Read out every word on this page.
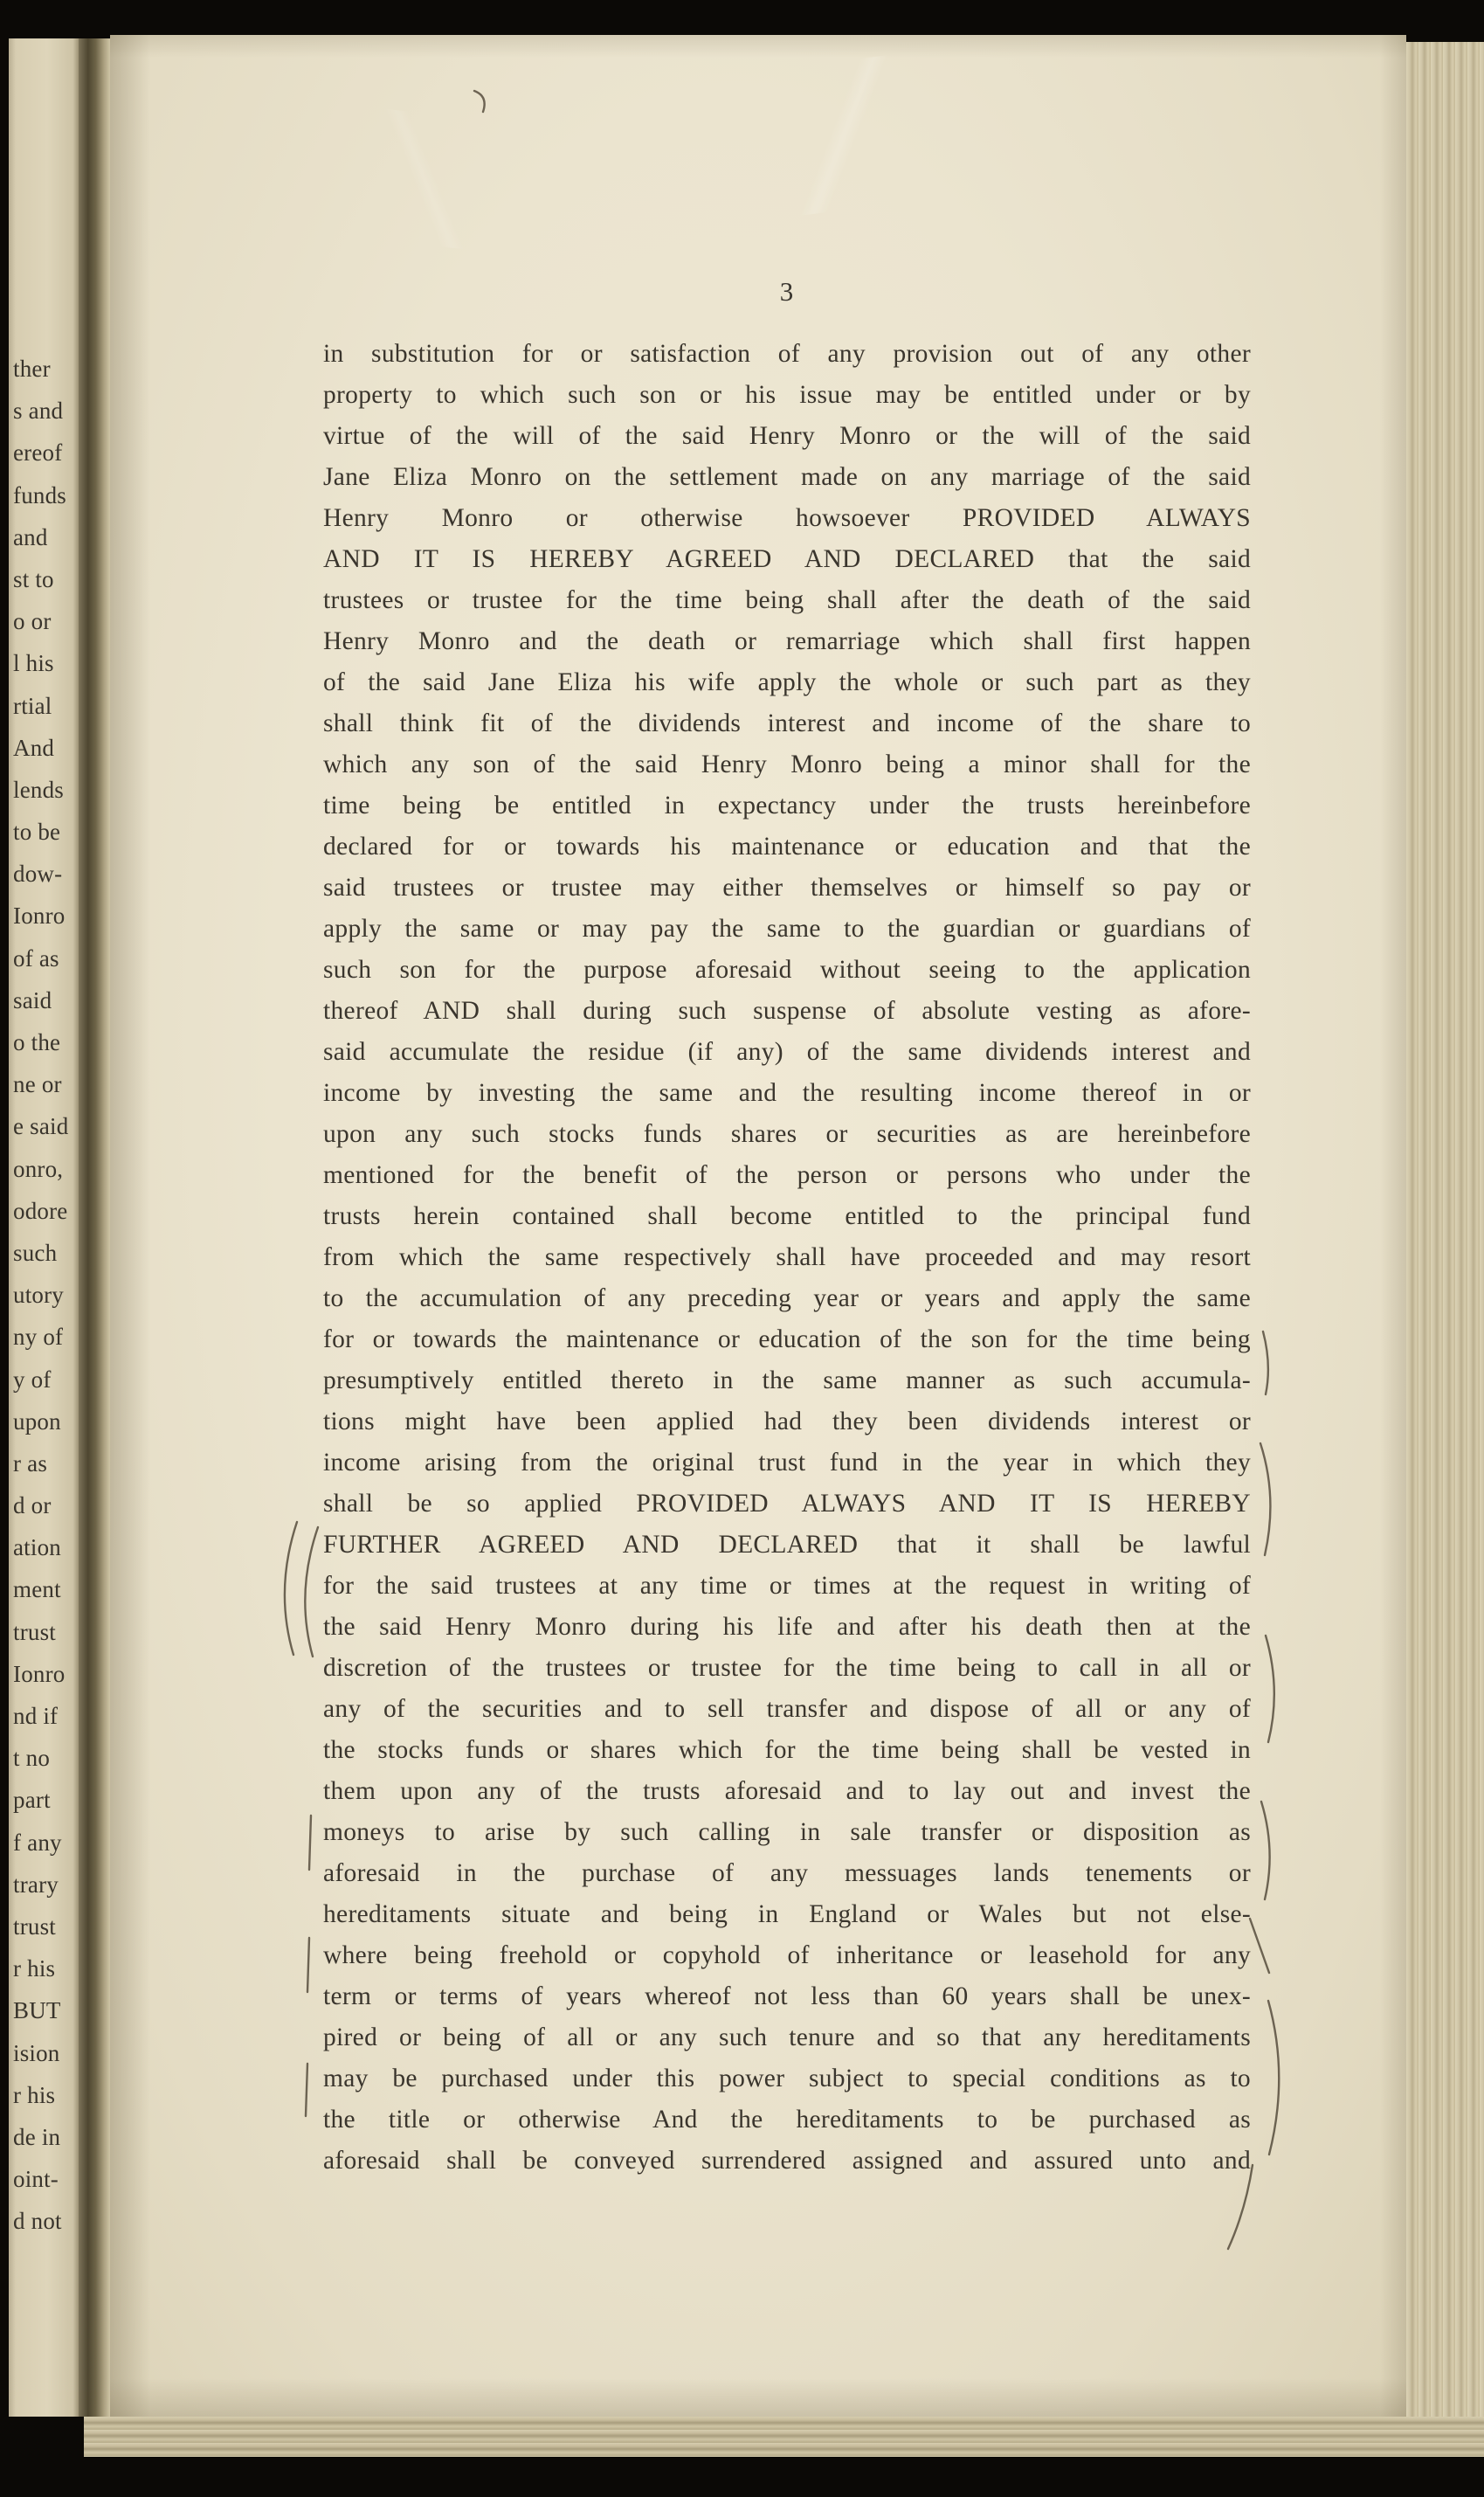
ther
s and
ereof
funds
and
st to
o or
l his
rtial
And
lends
to be
dow-
Ionro
of as
said
o the
ne or
e said
onro,
odore
such
utory
ny of
y of
upon
r as
d or
ation
ment
trust
Ionro
nd if
t no
part
f any
trary
trust
r his
BUT
ision
r his
de in
oint-
d not
3
in substitution for or satisfaction of any provision out of any other
property to which such son or his issue may be entitled under or by
virtue of the will of the said Henry Monro or the will of the said
Jane Eliza Monro on the settlement made on any marriage of the said
Henry Monro or otherwise howsoever PROVIDED ALWAYS
AND IT IS HEREBY AGREED AND DECLARED that the said
trustees or trustee for the time being shall after the death of the said
Henry Monro and the death or remarriage which shall first happen
of the said Jane Eliza his wife apply the whole or such part as they
shall think fit of the dividends interest and income of the share to
which any son of the said Henry Monro being a minor shall for the
time being be entitled in expectancy under the trusts hereinbefore
declared for or towards his maintenance or education and that the
said trustees or trustee may either themselves or himself so pay or
apply the same or may pay the same to the guardian or guardians of
such son for the purpose aforesaid without seeing to the application
thereof AND shall during such suspense of absolute vesting as afore-
said accumulate the residue (if any) of the same dividends interest and
income by investing the same and the resulting income thereof in or
upon any such stocks funds shares or securities as are hereinbefore
mentioned for the benefit of the person or persons who under the
trusts herein contained shall become entitled to the principal fund
from which the same respectively shall have proceeded and may resort
to the accumulation of any preceding year or years and apply the same
for or towards the maintenance or education of the son for the time being
presumptively entitled thereto in the same manner as such accumula-
tions might have been applied had they been dividends interest or
income arising from the original trust fund in the year in which they
shall be so applied PROVIDED ALWAYS AND IT IS HEREBY
FURTHER AGREED AND DECLARED that it shall be lawful
for the said trustees at any time or times at the request in writing of
the said Henry Monro during his life and after his death then at the
discretion of the trustees or trustee for the time being to call in all or
any of the securities and to sell transfer and dispose of all or any of
the stocks funds or shares which for the time being shall be vested in
them upon any of the trusts aforesaid and to lay out and invest the
moneys to arise by such calling in sale transfer or disposition as
aforesaid in the purchase of any messuages lands tenements or
hereditaments situate and being in England or Wales but not else-
where being freehold or copyhold of inheritance or leasehold for any
term or terms of years whereof not less than 60 years shall be unex-
pired or being of all or any such tenure and so that any hereditaments
may be purchased under this power subject to special conditions as to
the title or otherwise And the hereditaments to be purchased as
aforesaid shall be conveyed surrendered assigned and assured unto and
